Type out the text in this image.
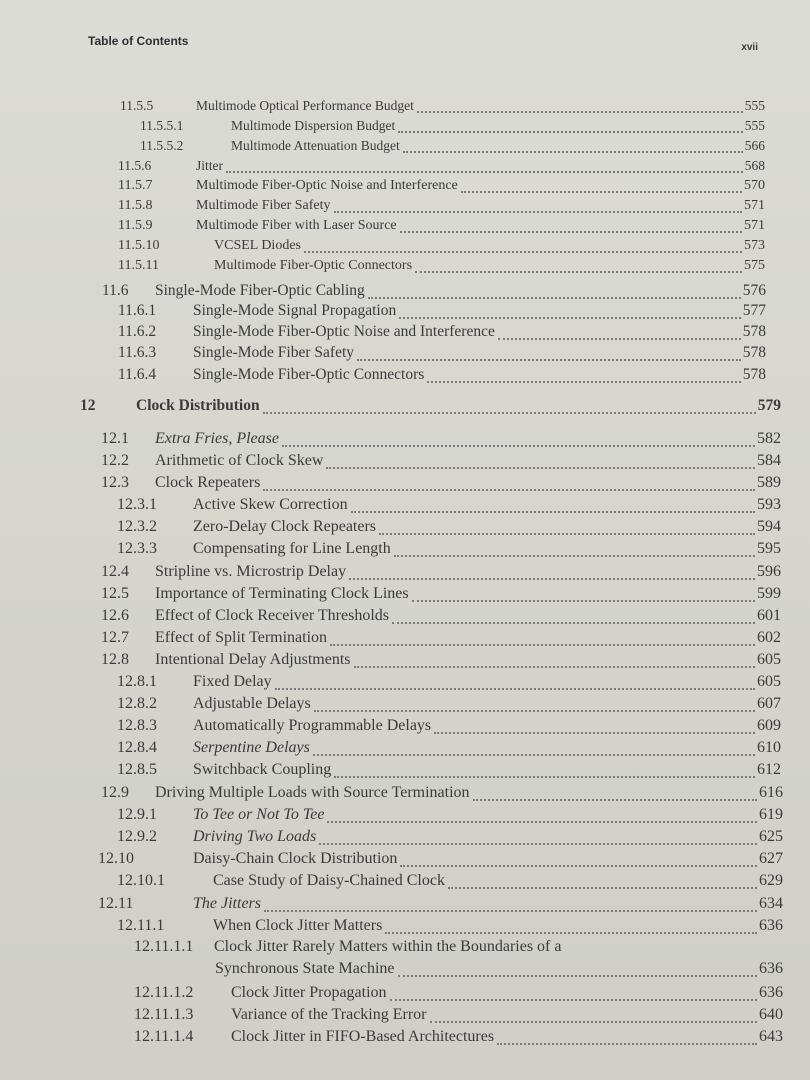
Table of Contents	xvii
11.5.5	Multimode Optical Performance Budget	555
11.5.5.1	Multimode Dispersion Budget	555
11.5.5.2	Multimode Attenuation Budget	566
11.5.6	Jitter	568
11.5.7	Multimode Fiber-Optic Noise and Interference	570
11.5.8	Multimode Fiber Safety	571
11.5.9	Multimode Fiber with Laser Source	571
11.5.10	VCSEL Diodes	573
11.5.11	Multimode Fiber-Optic Connectors	575
11.6 Single-Mode Fiber-Optic Cabling	576
11.6.1 Single-Mode Signal Propagation	577
11.6.2 Single-Mode Fiber-Optic Noise and Interference	578
11.6.3 Single-Mode Fiber Safety	578
11.6.4 Single-Mode Fiber-Optic Connectors	578
12	Clock Distribution	579
12.1 Extra Fries, Please	582
12.2 Arithmetic of Clock Skew	584
12.3 Clock Repeaters	589
12.3.1 Active Skew Correction	593
12.3.2 Zero-Delay Clock Repeaters	594
12.3.3 Compensating for Line Length	595
12.4 Stripline vs. Microstrip Delay	596
12.5 Importance of Terminating Clock Lines	599
12.6 Effect of Clock Receiver Thresholds	601
12.7 Effect of Split Termination	602
12.8 Intentional Delay Adjustments	605
12.8.1 Fixed Delay	605
12.8.2 Adjustable Delays	607
12.8.3 Automatically Programmable Delays	609
12.8.4 Serpentine Delays	610
12.8.5 Switchback Coupling	612
12.9 Driving Multiple Loads with Source Termination	616
12.9.1 To Tee or Not To Tee	619
12.9.2 Driving Two Loads	625
12.10	Daisy-Chain Clock Distribution	627
12.10.1	Case Study of Daisy-Chained Clock	629
12.11	The Jitters	634
12.11.1	When Clock Jitter Matters	636
12.11.1.1 Clock Jitter Rarely Matters within the Boundaries of a
Synchronous State Machine	636
12.11.1.2 Clock Jitter Propagation	636
12.11.1.3 Variance of the Tracking Error	640
12.11.1.4 Clock Jitter in FIFO-Based Architectures	643
